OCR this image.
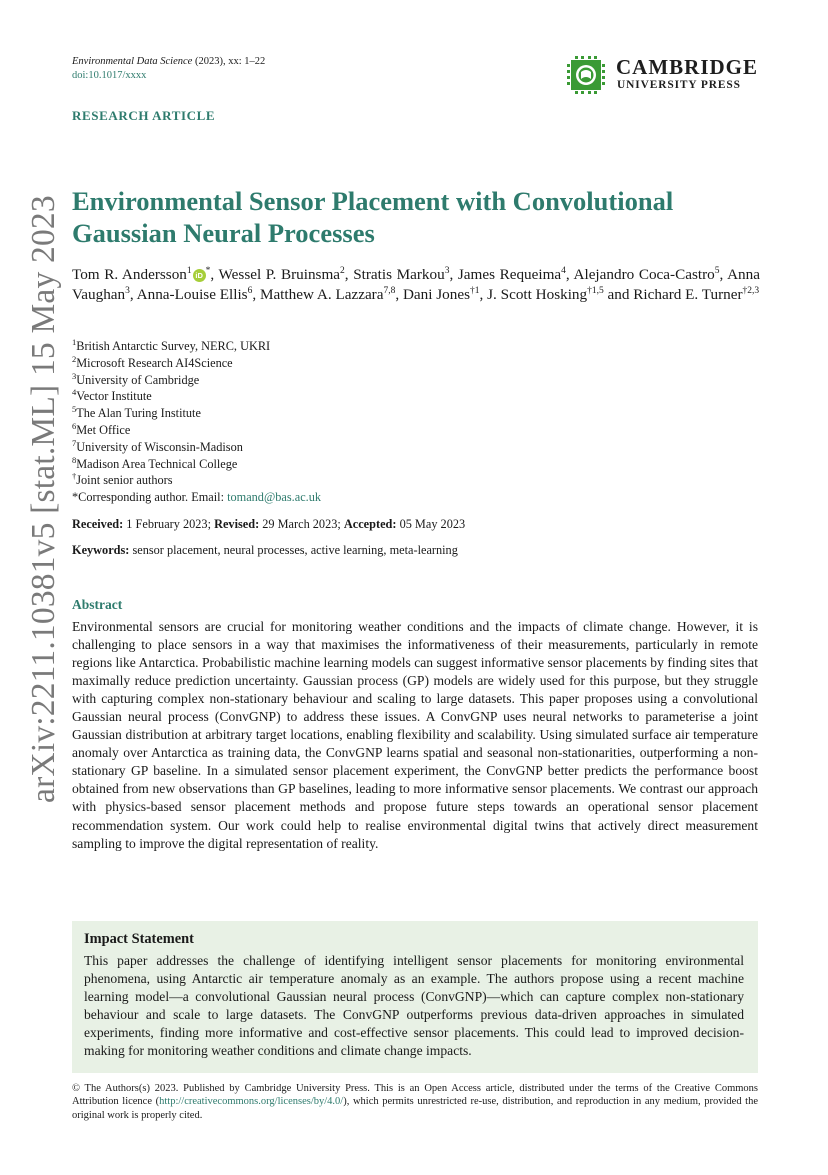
arXiv:2211.10381v5 [stat.ML] 15 May 2023
Environmental Data Science (2023), xx: 1–22
doi:10.1017/xxxx	CAMBRIDGE
UNIVERSITY PRESS
RESEARCH ARTICLE
Environmental Sensor Placement with Convolutional Gaussian Neural Processes
Tom R. Andersson$^1$ iD *, Wessel P. Bruinsma$^2$, Stratis Markou$^3$, James Requeima$^4$, Alejandro Coca-Castro$^5$, Anna Vaughan$^3$, Anna-Louise Ellis$^6$, Matthew A. Lazzara$^{7,8}$, Dani Jones$^{\dagger 1}$, J. Scott Hosking$^{\dagger 1,5}$ and Richard E. Turner$^{\dagger 2,3}$
$^1$British Antarctic Survey, NERC, UKRI
$^2$Microsoft Research AI4Science
$^3$University of Cambridge
$^4$Vector Institute
$^5$The Alan Turing Institute
$^6$Met Office
$^7$University of Wisconsin-Madison
$^8$Madison Area Technical College
†Joint senior authors
*Corresponding author. Email: tomand@bas.ac.uk
Received: 1 February 2023; Revised: 29 March 2023; Accepted: 05 May 2023
Keywords: sensor placement, neural processes, active learning, meta-learning
Abstract
Environmental sensors are crucial for monitoring weather conditions and the impacts of climate change. However, it is challenging to place sensors in a way that maximises the informativeness of their measurements, particularly in remote regions like Antarctica. Probabilistic machine learning models can suggest informative sensor placements by finding sites that maximally reduce prediction uncertainty. Gaussian process (GP) models are widely used for this purpose, but they struggle with capturing complex non-stationary behaviour and scaling to large datasets. This paper proposes using a convolutional Gaussian neural process (ConvGNP) to address these issues. A ConvGNP uses neural networks to parameterise a joint Gaussian distribution at arbitrary target locations, enabling flexibility and scalability. Using simulated surface air temperature anomaly over Antarctica as training data, the ConvGNP learns spatial and seasonal non-stationarities, outperforming a non-stationary GP baseline. In a simulated sensor placement experiment, the ConvGNP better predicts the performance boost obtained from new observations than GP baselines, leading to more informative sensor placements. We contrast our approach with physics-based sensor placement methods and propose future steps towards an operational sensor placement recommendation system. Our work could help to realise environmental digital twins that actively direct measurement sampling to improve the digital representation of reality.
Impact Statement
This paper addresses the challenge of identifying intelligent sensor placements for monitoring environmental phenomena, using Antarctic air temperature anomaly as an example. The authors propose using a recent machine learning model—a convolutional Gaussian neural process (ConvGNP)—which can capture complex non-stationary behaviour and scale to large datasets. The ConvGNP outperforms previous data-driven approaches in simulated experiments, finding more informative and cost-effective sensor placements. This could lead to improved decision-making for monitoring weather conditions and climate change impacts.
© The Authors(s) 2023. Published by Cambridge University Press. This is an Open Access article, distributed under the terms of the Creative Commons Attribution licence (http://creativecommons.org/licenses/by/4.0/), which permits unrestricted re-use, distribution, and reproduction in any medium, provided the original work is properly cited.
